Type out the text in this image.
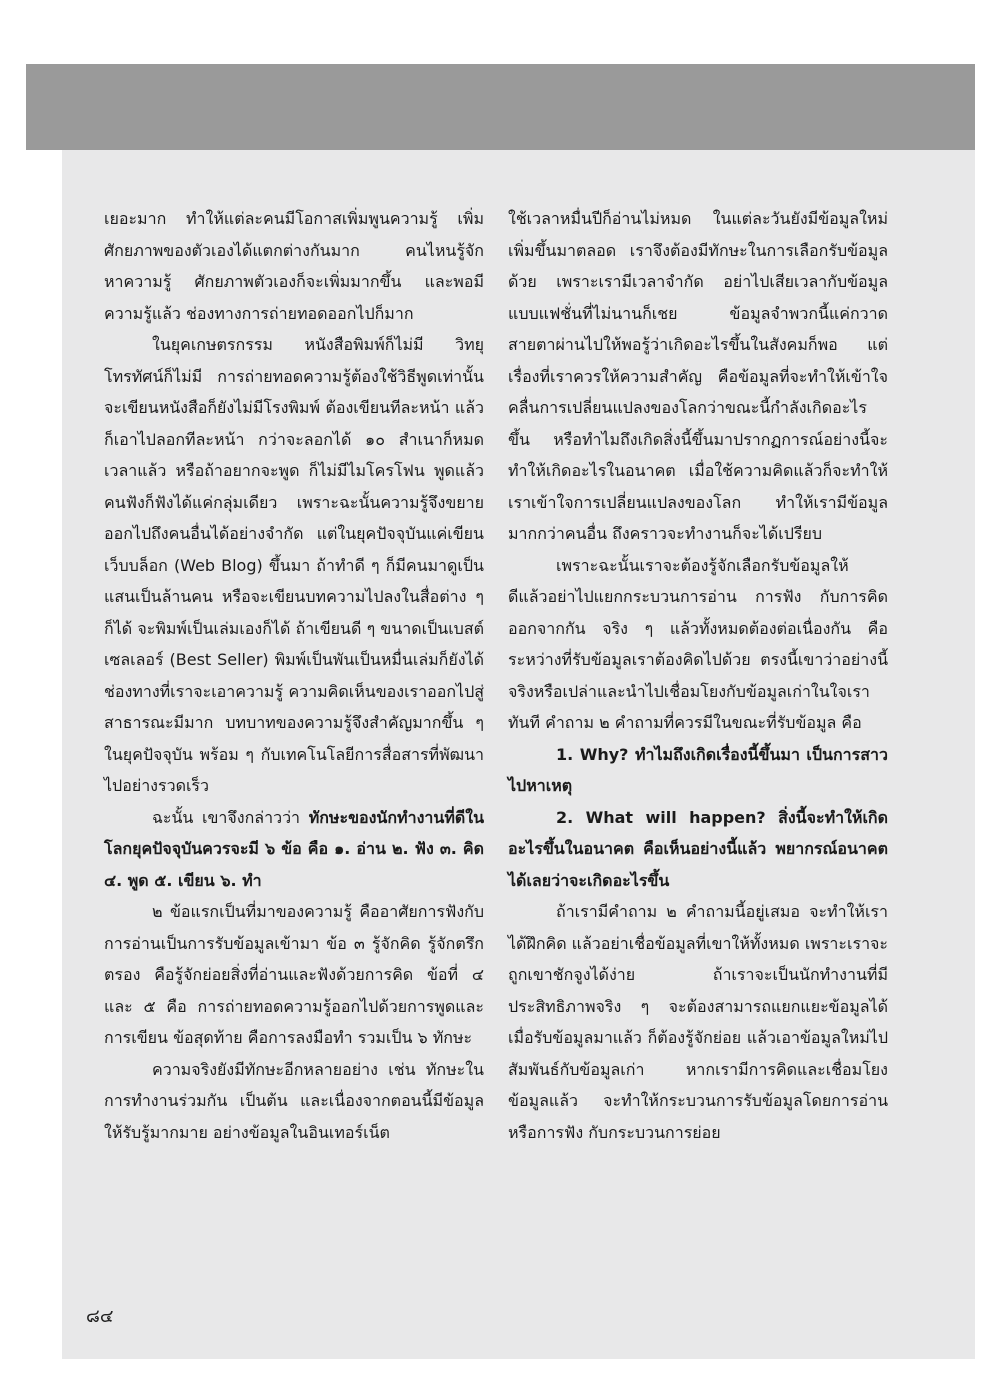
เยอะมาก ทำให้แต่ละคนมีโอกาสเพิ่มพูนความรู้ เพิ่มศักยภาพของตัวเองได้แตกต่างกันมาก คนไหนรู้จักหาความรู้ ศักยภาพตัวเองก็จะเพิ่มมากขึ้น และพอมีความรู้แล้ว ช่องทางการถ่ายทอดออกไปก็มาก

ในยุคเกษตรกรรม หนังสือพิมพ์ก็ไม่มี วิทยุโทรทัศน์ก็ไม่มี การถ่ายทอดความรู้ต้องใช้วิธีพูดเท่านั้น จะเขียนหนังสือก็ยังไม่มีโรงพิมพ์ ต้องเขียนทีละหน้า แล้วก็เอาไปลอกทีละหน้า กว่าจะลอกได้ ๑๐ สำเนาก็หมดเวลาแล้ว หรือถ้าอยากจะพูด ก็ไม่มีไมโครโฟน พูดแล้วคนฟังก็ฟังได้แค่กลุ่มเดียว เพราะฉะนั้นความรู้จึงขยายออกไปถึงคนอื่นได้อย่างจำกัด แต่ในยุคปัจจุบันแค่เขียนเว็บบล็อก (Web Blog) ขึ้นมา ถ้าทำดี ๆ ก็มีคนมาดูเป็นแสนเป็นล้านคน หรือจะเขียนบทความไปลงในสื่อต่าง ๆ ก็ได้ จะพิมพ์เป็นเล่มเองก็ได้ ถ้าเขียนดี ๆ ขนาดเป็นเบสต์เซลเลอร์ (Best Seller) พิมพ์เป็นพันเป็นหมื่นเล่มก็ยังได้ ช่องทางที่เราจะเอาความรู้ ความคิดเห็นของเราออกไปสู่สาธารณะมีมาก บทบาทของความรู้จึงสำคัญมากขึ้น ๆ ในยุคปัจจุบัน พร้อม ๆ กับเทคโนโลยีการสื่อสารที่พัฒนาไปอย่างรวดเร็ว

ฉะนั้น เขาจึงกล่าวว่า ทักษะของนักทำงานที่ดีในโลกยุคปัจจุบันควรจะมี ๖ ข้อ คือ ๑. อ่าน ๒. ฟัง ๓. คิด ๔. พูด ๕. เขียน ๖. ทำ

๒ ข้อแรกเป็นที่มาของความรู้ คืออาศัยการฟังกับการอ่านเป็นการรับข้อมูลเข้ามา ข้อ ๓ รู้จักคิด รู้จักตรึกตรอง คือรู้จักย่อยสิ่งที่อ่านและฟังด้วยการคิด ข้อที่ ๔ และ ๕ คือ การถ่ายทอดความรู้ออกไปด้วยการพูดและการเขียน ข้อสุดท้าย คือการลงมือทำ รวมเป็น ๖ ทักษะ

ความจริงยังมีทักษะอีกหลายอย่าง เช่น ทักษะในการทำงานร่วมกัน เป็นต้น และเนื่องจากตอนนี้มีข้อมูลให้รับรู้มากมาย อย่างข้อมูลในอินเทอร์เน็ต

ใช้เวลาหมื่นปีก็อ่านไม่หมด ในแต่ละวันยังมีข้อมูลใหม่เพิ่มขึ้นมาตลอด เราจึงต้องมีทักษะในการเลือกรับข้อมูลด้วย เพราะเรามีเวลาจำกัด อย่าไปเสียเวลากับข้อมูลแบบแฟชั่นที่ไม่นานก็เชย ข้อมูลจำพวกนี้แค่กวาดสายตาผ่านไปให้พอรู้ว่าเกิดอะไรขึ้นในสังคมก็พอ แต่เรื่องที่เราควรให้ความสำคัญ คือข้อมูลที่จะทำให้เข้าใจคลื่นการเปลี่ยนแปลงของโลกว่าขณะนี้กำลังเกิดอะไรขึ้น หรือทำไมถึงเกิดสิ่งนี้ขึ้นมาปรากฏการณ์อย่างนี้จะทำให้เกิดอะไรในอนาคต เมื่อใช้ความคิดแล้วก็จะทำให้เราเข้าใจการเปลี่ยนแปลงของโลก ทำให้เรามีข้อมูลมากกว่าคนอื่น ถึงคราวจะทำงานก็จะได้เปรียบ

เพราะฉะนั้นเราจะต้องรู้จักเลือกรับข้อมูลให้ดีแล้วอย่าไปแยกกระบวนการอ่าน การฟัง กับการคิดออกจากกัน จริง ๆ แล้วทั้งหมดต้องต่อเนื่องกัน คือระหว่างที่รับข้อมูลเราต้องคิดไปด้วย ตรงนี้เขาว่าอย่างนี้จริงหรือเปล่าและนำไปเชื่อมโยงกับข้อมูลเก่าในใจเราทันที คำถาม ๒ คำถามที่ควรมีในขณะที่รับข้อมูล คือ

1. Why? ทำไมถึงเกิดเรื่องนี้ขึ้นมา เป็นการสาวไปหาเหตุ

2. What will happen? สิ่งนี้จะทำให้เกิดอะไรขึ้นในอนาคต คือเห็นอย่างนี้แล้ว พยากรณ์อนาคตได้เลยว่าจะเกิดอะไรขึ้น

ถ้าเรามีคำถาม ๒ คำถามนี้อยู่เสมอ จะทำให้เราได้ฝึกคิด แล้วอย่าเชื่อข้อมูลที่เขาให้ทั้งหมด เพราะเราจะถูกเขาชักจูงได้ง่าย ถ้าเราจะเป็นนักทำงานที่มีประสิทธิภาพจริง ๆ จะต้องสามารถแยกแยะข้อมูลได้ เมื่อรับข้อมูลมาแล้ว ก็ต้องรู้จักย่อย แล้วเอาข้อมูลใหม่ไปสัมพันธ์กับข้อมูลเก่า หากเรามีการคิดและเชื่อมโยงข้อมูลแล้ว จะทำให้กระบวนการรับข้อมูลโดยการอ่านหรือการฟัง กับกระบวนการย่อย

๘๔
